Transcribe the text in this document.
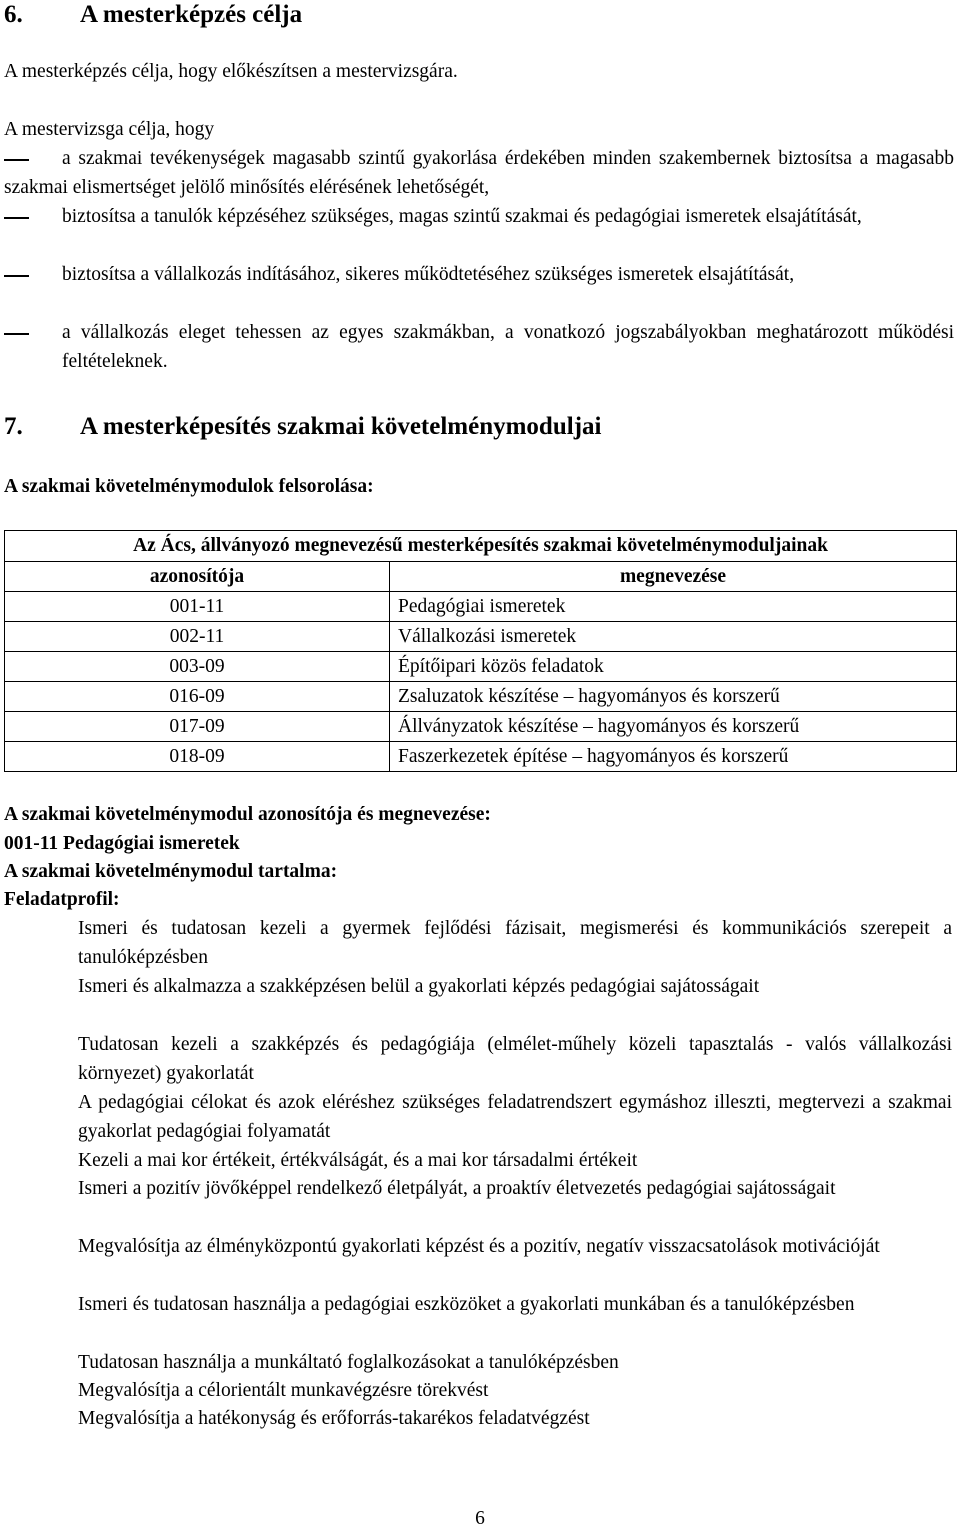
6. A mesterképzés célja
A mesterképzés célja, hogy előkészítsen a mestervizsgára.
A mestervizsga célja, hogy
a szakmai tevékenységek magasabb szintű gyakorlása érdekében minden szakembernek biztosítsa a magasabb szakmai elismertséget jelölő minősítés elérésének lehetőségét,
biztosítsa a tanulók képzéséhez szükséges, magas szintű szakmai és pedagógiai ismeretek elsajátítását,
biztosítsa a vállalkozás indításához, sikeres működtetéséhez szükséges ismeretek elsajátítását,
a vállalkozás eleget tehessen az egyes szakmákban, a vonatkozó jogszabályokban meghatározott működési feltételeknek.
7. A mesterképesítés szakmai követelménymoduljai
A szakmai követelménymodulok felsorolása:
Az Ács, állványozó megnevezésű mesterképesítés szakmai követelménymoduljainak	
azonosítója	megnevezése
001-11	Pedagógiai ismeretek
002-11	Vállalkozási ismeretek
003-09	Építőipari közös feladatok
016-09	Zsaluzatok készítése – hagyományos és korszerű
017-09	Állványzatok készítése – hagyományos és korszerű
018-09	Faszerkezetek építése – hagyományos és korszerű
A szakmai követelménymodul azonosítója és megnevezése:
001-11 Pedagógiai ismeretek
A szakmai követelménymodul tartalma:
Feladatprofil:
Ismeri és tudatosan kezeli a gyermek fejlődési fázisait, megismerési és kommunikációs szerepeit a tanulóképzésben
Ismeri és alkalmazza a szakképzésen belül a gyakorlati képzés pedagógiai sajátosságait
Tudatosan kezeli a szakképzés és pedagógiája (elmélet-műhely közeli tapasztalás - valós vállalkozási környezet) gyakorlatát
A pedagógiai célokat és azok eléréshez szükséges feladatrendszert egymáshoz illeszti, megtervezi a szakmai gyakorlat pedagógiai folyamatát
Kezeli a mai kor értékeit, értékválságát, és a mai kor társadalmi értékeit
Ismeri a pozitív jövőképpel rendelkező életpályát, a proaktív életvezetés pedagógiai sajátosságait
Megvalósítja az élményközpontú gyakorlati képzést és a pozitív, negatív visszacsatolások motivációját
Ismeri és tudatosan használja a pedagógiai eszközöket a gyakorlati munkában és a tanulóképzésben
Tudatosan használja a munkáltató foglalkozásokat a tanulóképzésben
Megvalósítja a célorientált munkavégzésre törekvést
Megvalósítja a hatékonyság és erőforrás-takarékos feladatvégzést
6
